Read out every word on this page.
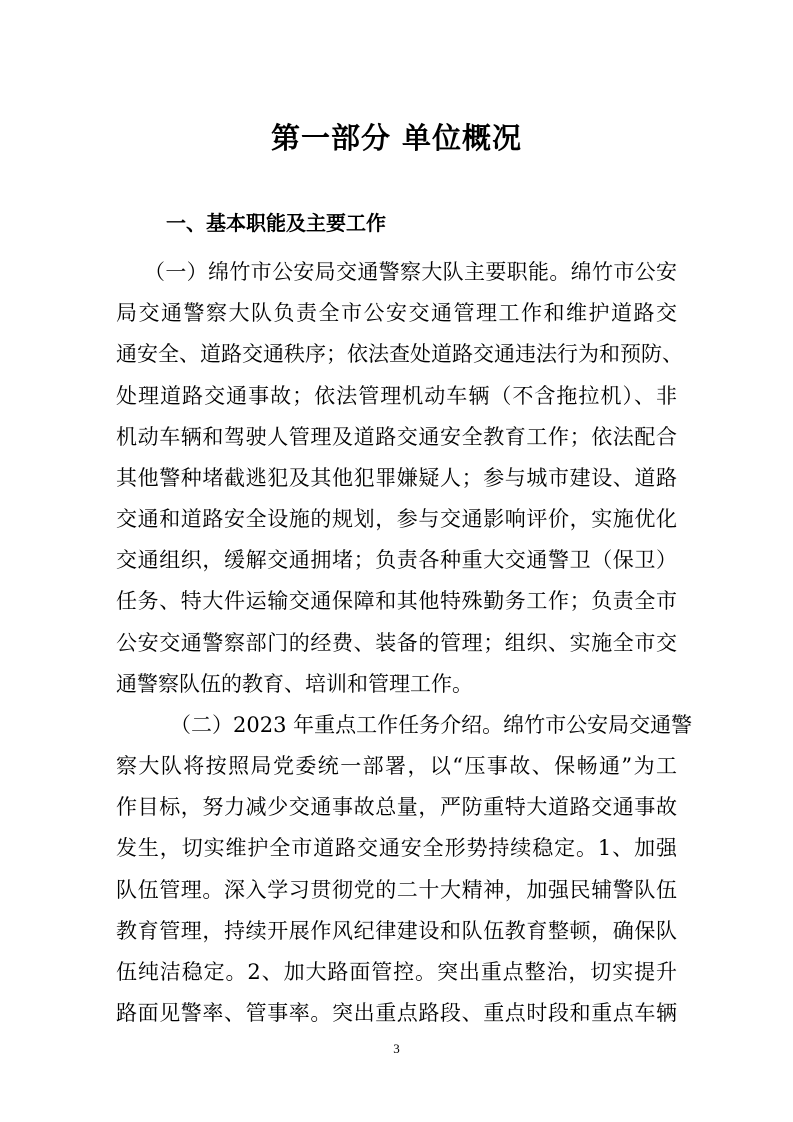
第一部分 单位概况
一、基本职能及主要工作
（一）绵竹市公安局交通警察大队主要职能。绵竹市公安
局交通警察大队负责全市公安交通管理工作和维护道路交
通安全、道路交通秩序；依法查处道路交通违法行为和预防、
处理道路交通事故；依法管理机动车辆（不含拖拉机）、非
机动车辆和驾驶人管理及道路交通安全教育工作；依法配合
其他警种堵截逃犯及其他犯罪嫌疑人；参与城市建设、道路
交通和道路安全设施的规划，参与交通影响评价，实施优化
交通组织，缓解交通拥堵；负责各种重大交通警卫（保卫）
任务、特大件运输交通保障和其他特殊勤务工作；负责全市
公安交通警察部门的经费、装备的管理；组织、实施全市交
通警察队伍的教育、培训和管理工作。
（二）2023 年重点工作任务介绍。绵竹市公安局交通警
察大队将按照局党委统一部署，以“压事故、保畅通”为工
作目标，努力减少交通事故总量，严防重特大道路交通事故
发生，切实维护全市道路交通安全形势持续稳定。1、加强
队伍管理。深入学习贯彻党的二十大精神，加强民辅警队伍
教育管理，持续开展作风纪律建设和队伍教育整顿，确保队
伍纯洁稳定。2、加大路面管控。突出重点整治，切实提升
路面见警率、管事率。突出重点路段、重点时段和重点车辆
3
